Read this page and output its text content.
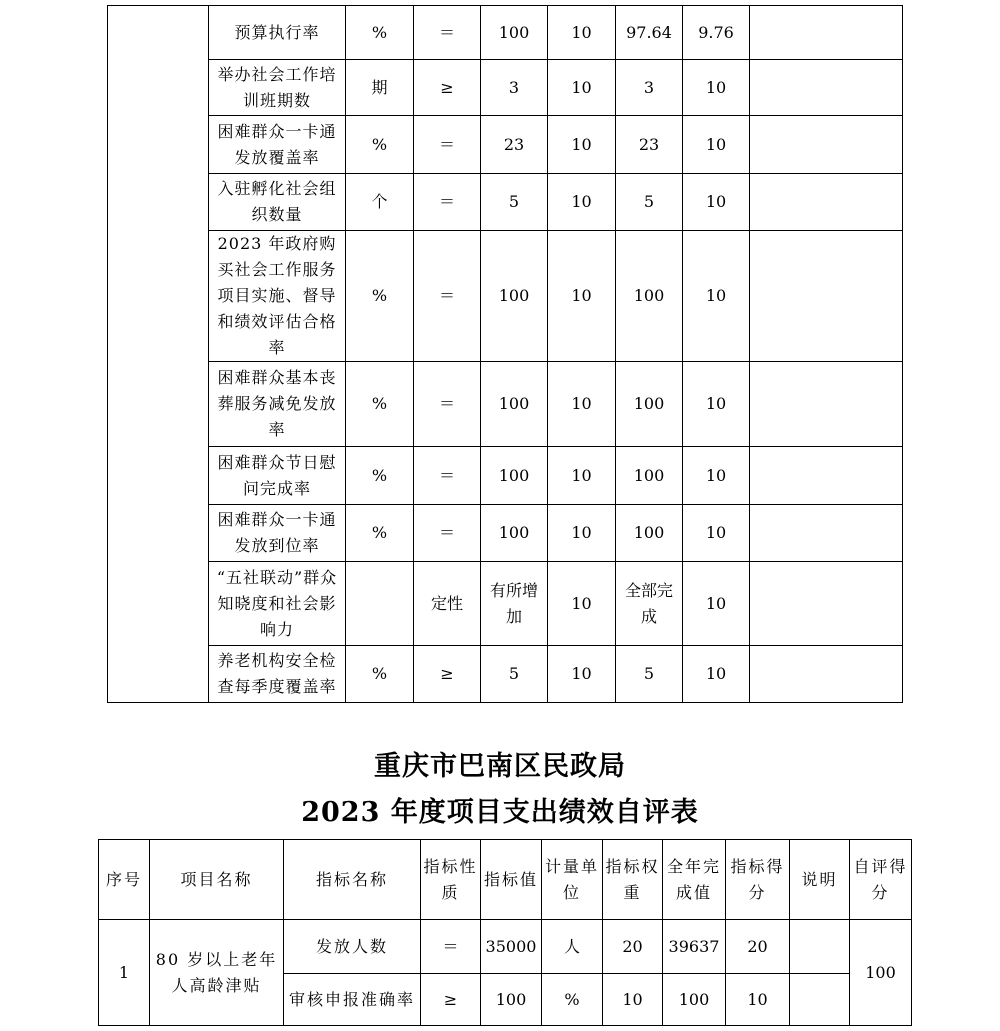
	预算执行率	%	＝	100	10	97.64	9.76	
	举办社会工作培训班期数	期	≥	3	10	3	10	
	困难群众一卡通发放覆盖率	%	＝	23	10	23	10	
	入驻孵化社会组织数量	个	＝	5	10	5	10	
	2023 年政府购买社会工作服务项目实施、督导和绩效评估合格率	%	＝	100	10	100	10	
	困难群众基本丧葬服务减免发放率	%	＝	100	10	100	10	
	困难群众节日慰问完成率	%	＝	100	10	100	10	
	困难群众一卡通发放到位率	%	＝	100	10	100	10	
	“五社联动”群众知晓度和社会影响力		定性	有所增加	10	全部完成	10	
	养老机构安全检查每季度覆盖率	%	≥	5	10	5	10	
重庆市巴南区民政局
2023 年度项目支出绩效自评表
序号	项目名称	指标名称	指标性质	指标值	计量单位	指标权重	全年完成值	指标得分	说明	自评得分
1	80 岁以上老年人高龄津贴	发放人数	＝	35000	人	20	39637	20		100
		审核申报准确率	≥	100	%	10	100	10		
